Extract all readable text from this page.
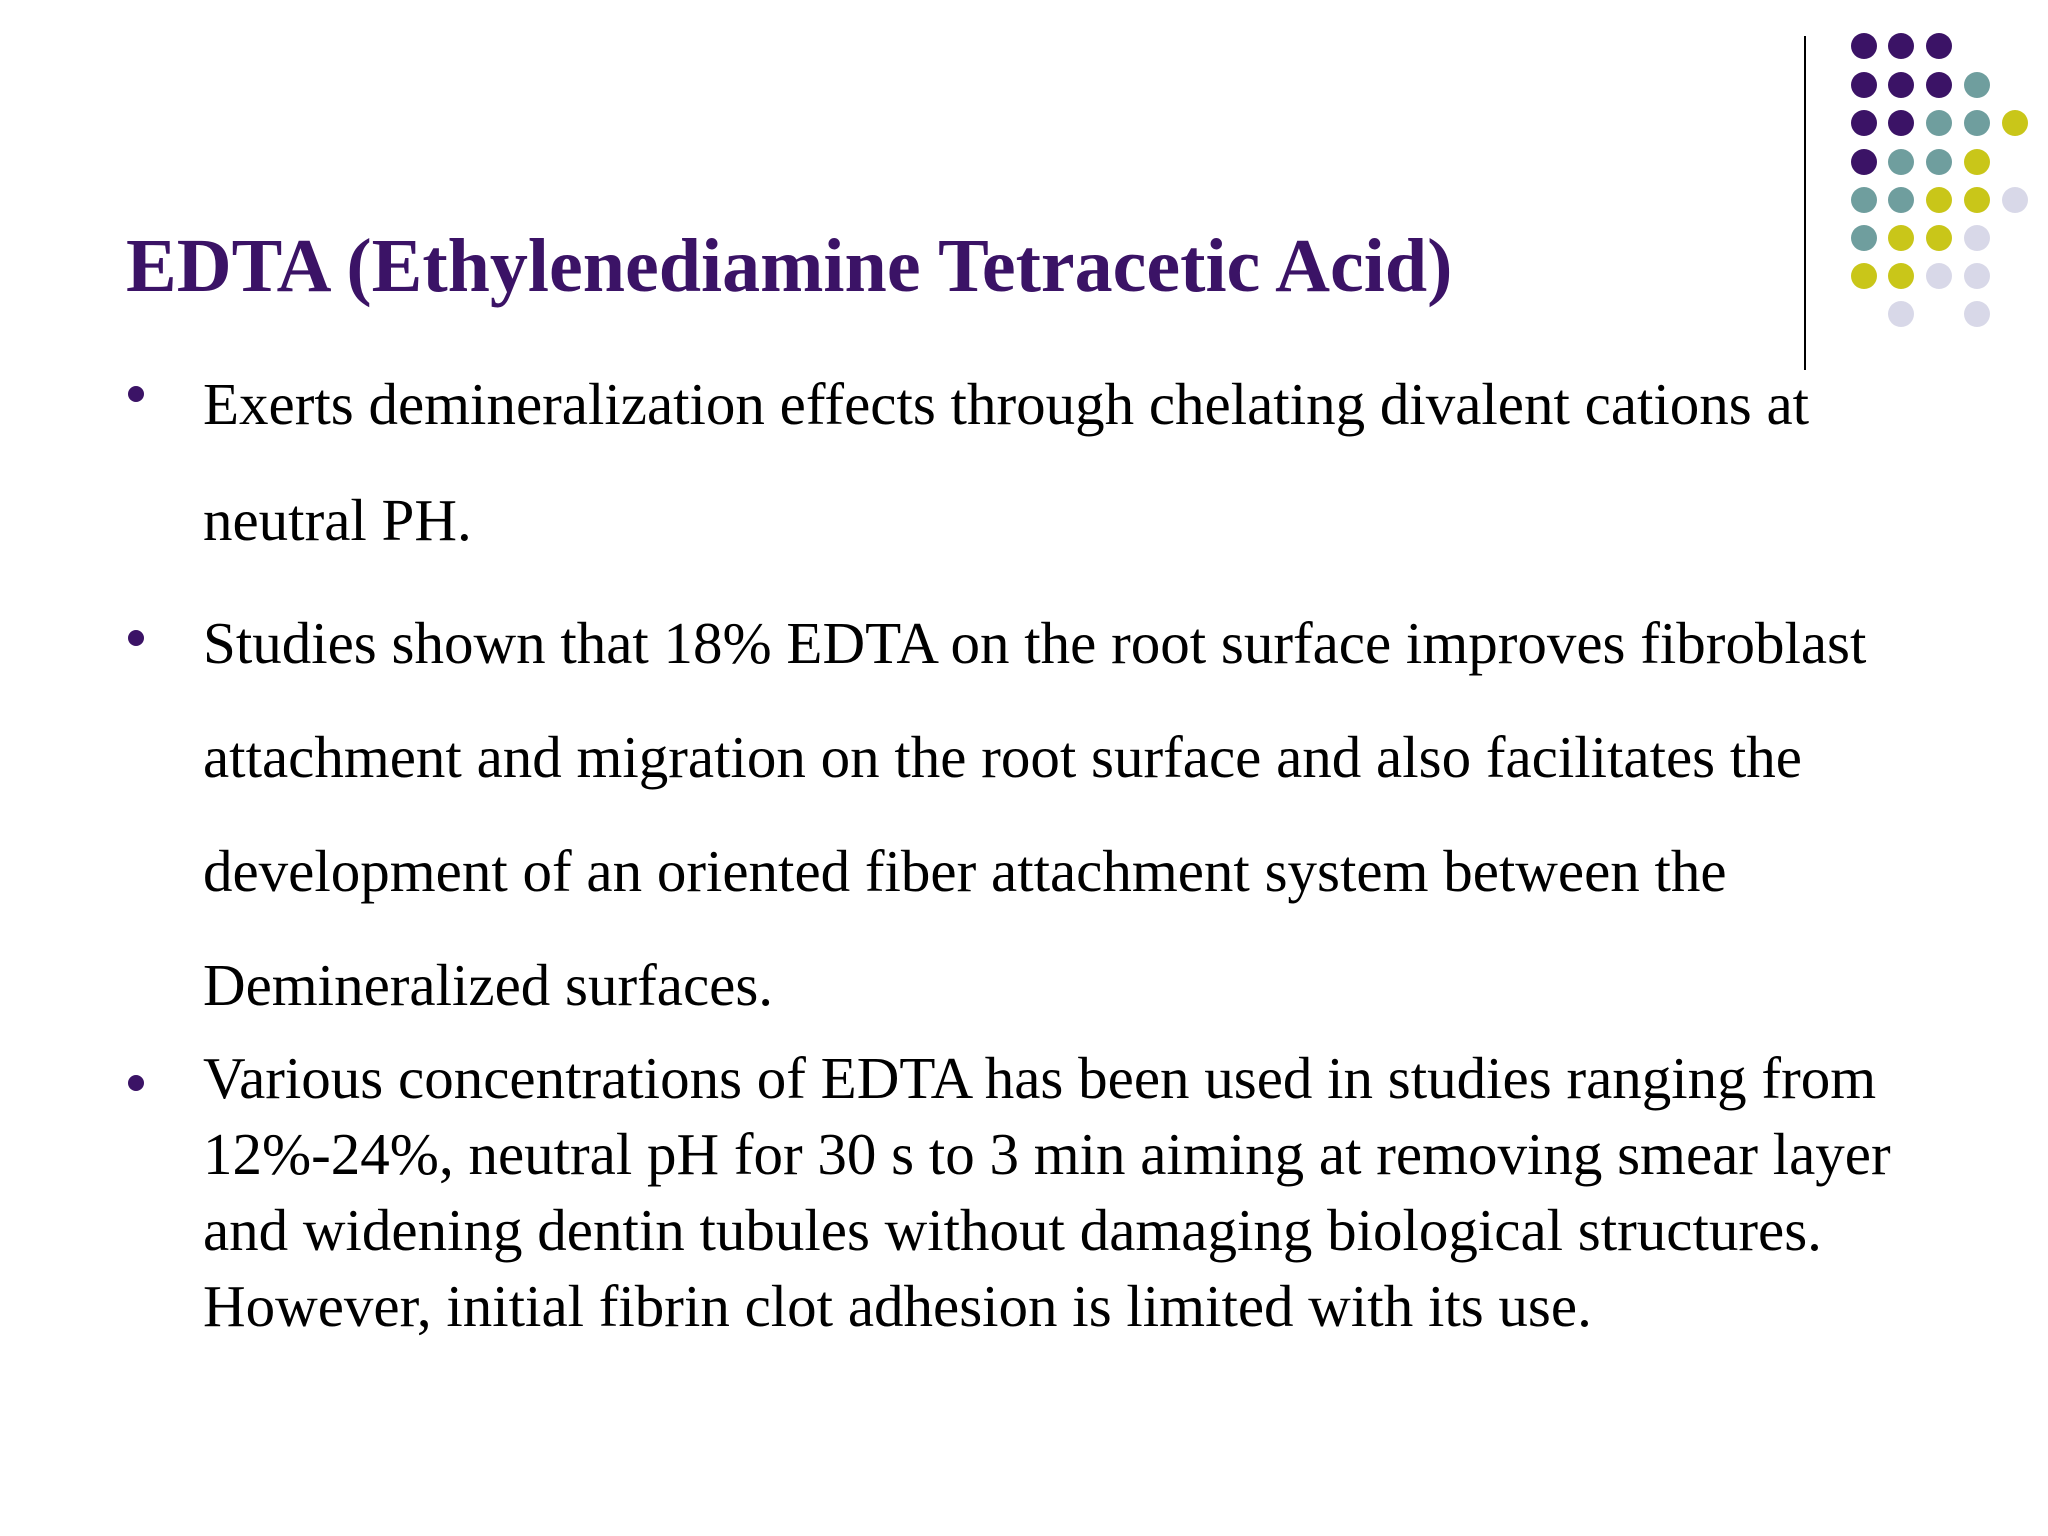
EDTA (Ethylenediamine Tetracetic Acid)
Exerts demineralization effects through chelating divalent cations at neutral PH.
Studies shown that 18% EDTA on the root surface improves fibroblast attachment and migration on the root surface and also facilitates the development of an oriented fiber attachment system between the Demineralized surfaces.
Various concentrations of EDTA has been used in studies ranging from 12%-24%, neutral pH for 30 s to 3 min aiming at removing smear layer and widening dentin tubules without damaging biological structures. However, initial fibrin clot adhesion is limited with its use.
